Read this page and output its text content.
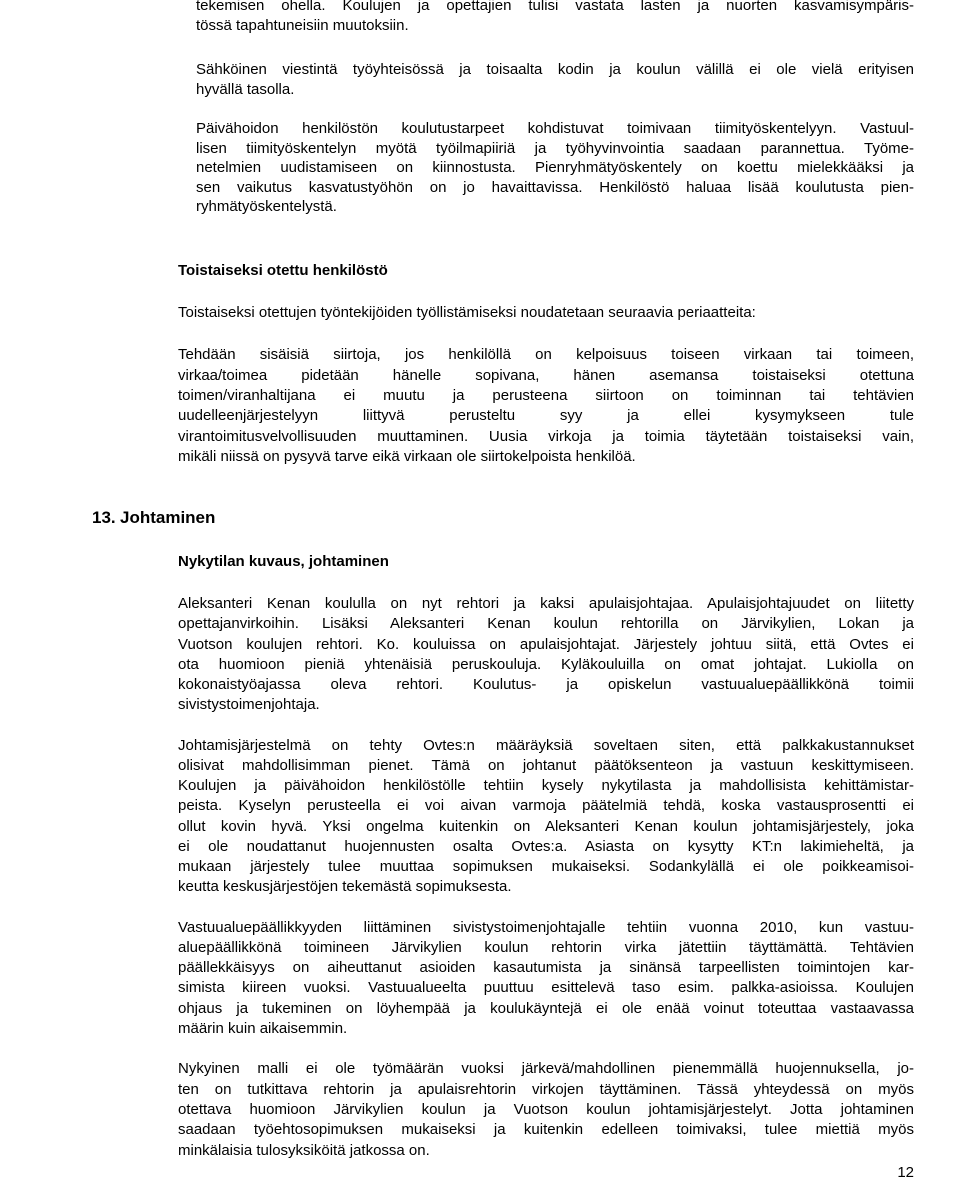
tekemisen ohella. Koulujen ja opettajien tulisi vastata lasten ja nuorten kasvamisympäris-
tössä tapahtuneisiin muutoksiin.
Sähköinen viestintä työyhteisössä ja toisaalta kodin ja koulun välillä ei ole vielä erityisen
hyvällä tasolla.
Päivähoidon henkilöstön koulutustarpeet kohdistuvat toimivaan tiimityöskentelyyn. Vastuul-
lisen tiimityöskentelyn myötä työilmapiiriä ja työhyvinvointia saadaan parannettua. Työme-
netelmien uudistamiseen on kiinnostusta. Pienryhmätyöskentely on koettu mielekkääksi ja
sen vaikutus kasvatustyöhön on jo havaittavissa. Henkilöstö haluaa lisää koulutusta pien-
ryhmätyöskentelystä.
Toistaiseksi otettu henkilöstö
Toistaiseksi otettujen työntekijöiden työllistämiseksi noudatetaan seuraavia periaatteita:
Tehdään sisäisiä siirtoja, jos henkilöllä on kelpoisuus toiseen virkaan tai toimeen,
virkaa/toimea pidetään hänelle sopivana, hänen asemansa toistaiseksi otettuna
toimen/viranhaltijana ei muutu ja perusteena siirtoon on toiminnan tai tehtävien
uudelleenjärjestelyyn liittyvä perusteltu syy ja ellei kysymykseen tule
virantoimitusvelvollisuuden muuttaminen. Uusia virkoja ja toimia täytetään toistaiseksi vain,
mikäli niissä on pysyvä tarve eikä virkaan ole siirtokelpoista henkilöä.
13. Johtaminen
Nykytilan kuvaus, johtaminen
Aleksanteri Kenan koululla on nyt rehtori ja kaksi apulaisjohtajaa. Apulaisjohtajuudet on liitetty
opettajanvirkoihin. Lisäksi Aleksanteri Kenan koulun rehtorilla on Järvikylien, Lokan ja
Vuotson koulujen rehtori. Ko. kouluissa on apulaisjohtajat. Järjestely johtuu siitä, että Ovtes ei
ota huomioon pieniä yhtenäisiä peruskouluja. Kyläkouluilla on omat johtajat. Lukiolla on
kokonaistyöajassa oleva rehtori. Koulutus- ja opiskelun vastuualuepäällikkönä toimii
sivistystoimenjohtaja.
Johtamisjärjestelmä on tehty Ovtes:n määräyksiä soveltaen siten, että palkkakustannukset
olisivat mahdollisimman pienet. Tämä on johtanut päätöksenteon ja vastuun keskittymiseen.
Koulujen ja päivähoidon henkilöstölle tehtiin kysely nykytilasta ja mahdollisista kehittämistar-
peista. Kyselyn perusteella ei voi aivan varmoja päätelmiä tehdä, koska vastausprosentti ei
ollut kovin hyvä. Yksi ongelma kuitenkin on Aleksanteri Kenan koulun johtamisjärjestely, joka
ei ole noudattanut huojennusten osalta Ovtes:a. Asiasta on kysytty KT:n lakimieheltä, ja
mukaan järjestely tulee muuttaa sopimuksen mukaiseksi. Sodankylällä ei ole poikkeamisoi-
keutta keskusjärjestöjen tekemästä sopimuksesta.
Vastuualuepäällikkyyden liittäminen sivistystoimenjohtajalle tehtiin vuonna 2010, kun vastuu-
aluepäällikkönä toimineen Järvikylien koulun rehtorin virka jätettiin täyttämättä. Tehtävien
päällekkäisyys on aiheuttanut asioiden kasautumista ja sinänsä tarpeellisten toimintojen kar-
simista kiireen vuoksi. Vastuualueelta puuttuu esittelevä taso esim. palkka-asioissa. Koulujen
ohjaus ja tukeminen on löyhempää ja koulukäyntejä ei ole enää voinut toteuttaa vastaavassa
määrin kuin aikaisemmin.
Nykyinen malli ei ole työmäärän vuoksi järkevä/mahdollinen pienemmällä huojennuksella, jo-
ten on tutkittava rehtorin ja apulaisrehtorin virkojen täyttäminen. Tässä yhteydessä on myös
otettava huomioon Järvikylien koulun ja Vuotson koulun johtamisjärjestelyt. Jotta johtaminen
saadaan työehtosopimuksen mukaiseksi ja kuitenkin edelleen toimivaksi, tulee miettiä myös
minkälaisia tulosyksiköitä jatkossa on.
12
